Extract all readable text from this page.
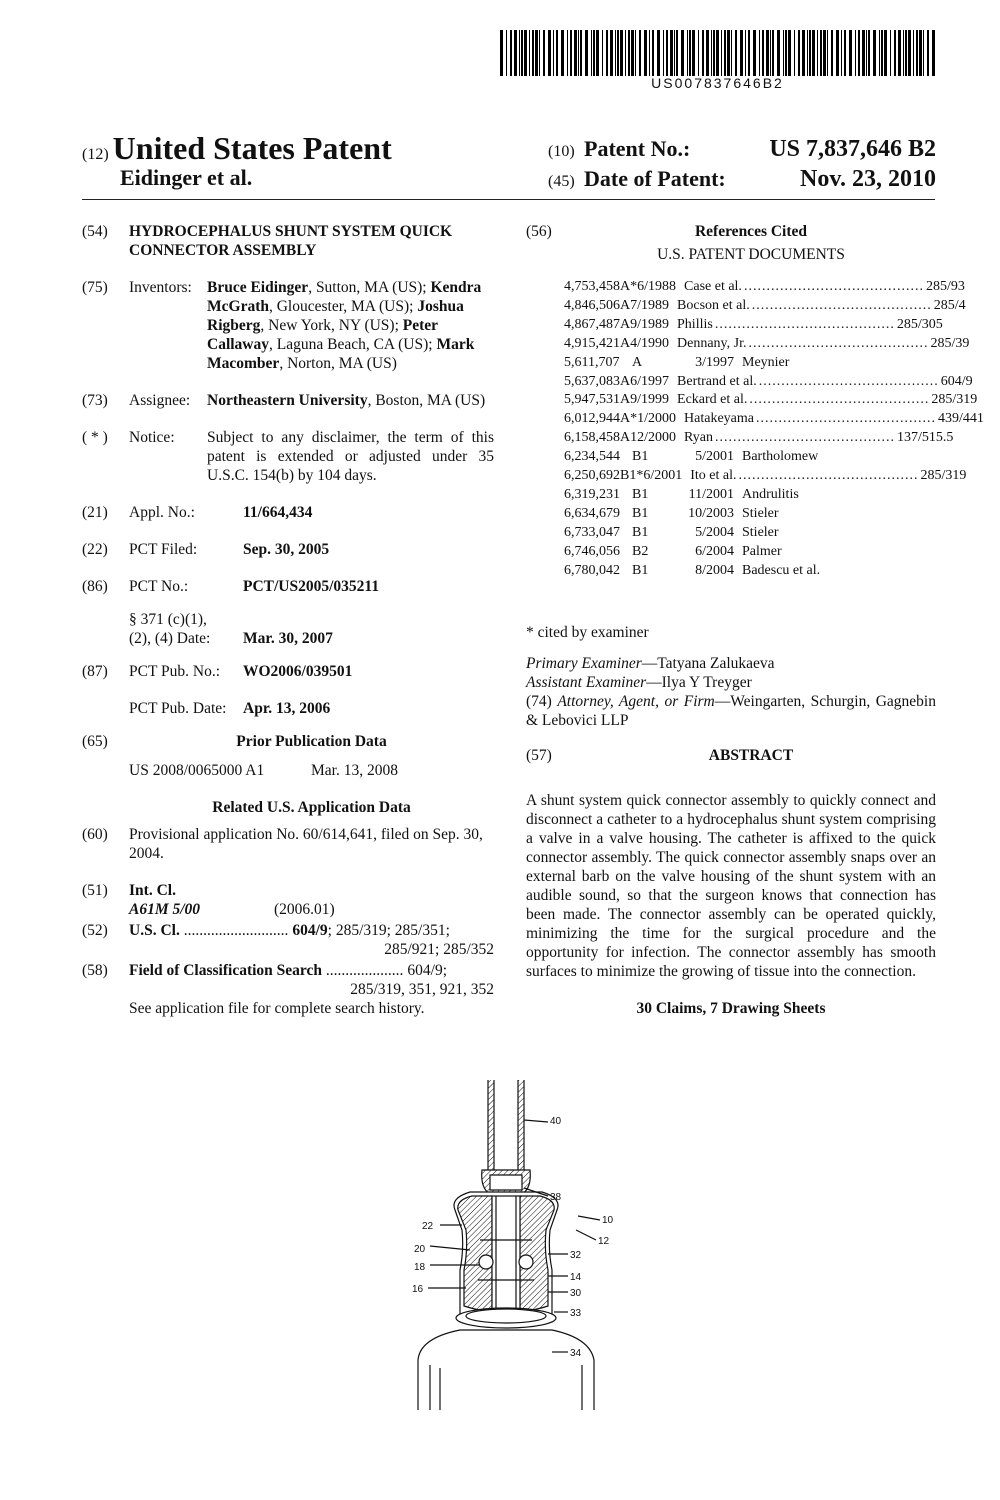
US007837646B2
(12) United States Patent
Eidinger et al.
(10) Patent No.:	US 7,837,646 B2
(45) Date of Patent:	Nov. 23, 2010
(54)	HYDROCEPHALUS SHUNT SYSTEM QUICK CONNECTOR ASSEMBLY
(75)	Inventors: Bruce Eidinger, Sutton, MA (US); Kendra McGrath, Gloucester, MA (US); Joshua Rigberg, New York, NY (US); Peter Callaway, Laguna Beach, CA (US); Mark Macomber, Norton, MA (US)
(73)	Assignee:	Northeastern University, Boston, MA (US)
( * )	Notice:	Subject to any disclaimer, the term of this patent is extended or adjusted under 35 U.S.C. 154(b) by 104 days.
(21)	Appl. No.:	11/664,434
(22)	PCT Filed:	Sep. 30, 2005
(86)	PCT No.:	PCT/US2005/035211
§ 371 (c)(1),
(2), (4) Date:	Mar. 30, 2007
(87)	PCT Pub. No.:	WO2006/039501
PCT Pub. Date:	Apr. 13, 2006
(65)	Prior Publication Data
US 2008/0065000 A1	Mar. 13, 2008
Related U.S. Application Data
(60)	Provisional application No. 60/614,641, filed on Sep. 30, 2004.
(51)	Int. Cl.
A61M 5/00	(2006.01)
(52)	U.S. Cl. ........................... 604/9; 285/319; 285/351;

285/921; 285/352
(58)	Field of Classification Search .................... 604/9;

285/319, 351, 921, 352
See application file for complete search history.
(56)	References Cited
U.S. PATENT DOCUMENTS
4,753,458 A * 6/1988 Case et al. ........................................ 285/93
4,846,506 A 7/1989 Bocson et al. ........................................ 285/4
4,867,487 A 9/1989 Phillis ........................................ 285/305
4,915,421 A 4/1990 Dennany, Jr. ........................................ 285/39
5,611,707 A	3/1997 Meynier
5,637,083 A 6/1997 Bertrand et al. ........................................ 604/9
5,947,531 A 9/1999 Eckard et al. ........................................ 285/319
6,012,944 A * 1/2000 Hatakeyama ........................................ 439/441
6,158,458 A 12/2000 Ryan ........................................ 137/515.5
6,234,544 B1	5/2001 Bartholomew
6,250,692 B1 * 6/2001 Ito et al. ........................................ 285/319
6,319,231 B1	11/2001 Andrulitis
6,634,679 B1	10/2003 Stieler
6,733,047 B1	5/2004 Stieler
6,746,056 B2	6/2004 Palmer
6,780,042 B1	8/2004 Badescu et al.
* cited by examiner
Primary Examiner—Tatyana Zalukaeva
Assistant Examiner—Ilya Y Treyger
(74) Attorney, Agent, or Firm—Weingarten, Schurgin, Gagnebin & Lebovici LLP
(57)	ABSTRACT
A shunt system quick connector assembly to quickly connect and disconnect a catheter to a hydrocephalus shunt system comprising a valve in a valve housing. The catheter is affixed to the quick connector assembly. The quick connector assembly snaps over an external barb on the valve housing of the shunt system with an audible sound, so that the surgeon knows that connection has been made. The connector assembly can be operated quickly, minimizing the time for the surgical procedure and the opportunity for infection. The connector assembly has smooth surfaces to minimize the growing of tissue into the connection.
30 Claims, 7 Drawing Sheets
40
38
10
12
22
20
32
18
14
16	30
33
34
